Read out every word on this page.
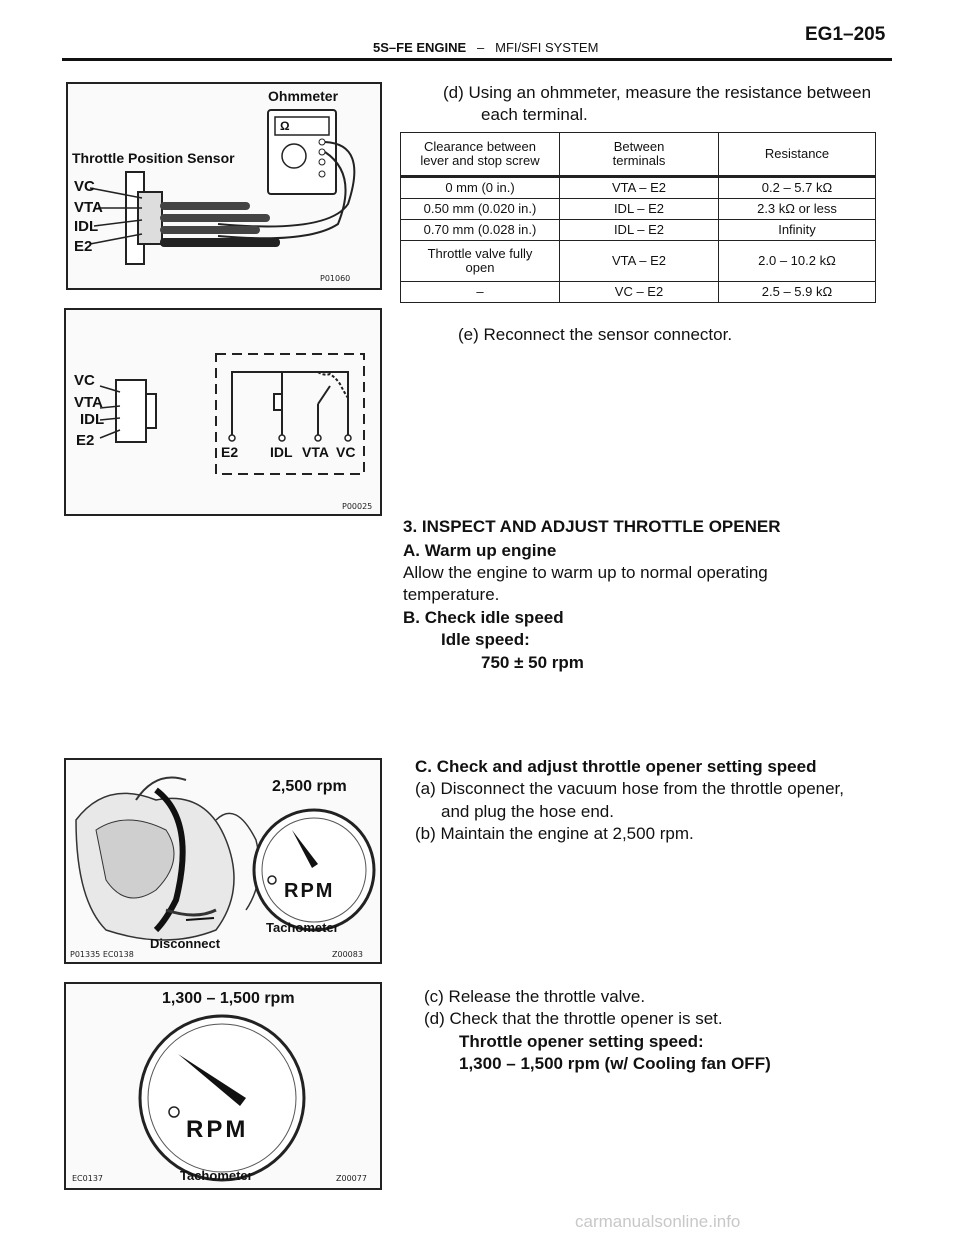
5S–FE ENGINE – MFI/SFI SYSTEM
EG1–205
Ohmmeter
Ω
Throttle Position Sensor
VC
VTA
IDL
E2
P01060
VC
VTA
IDL
E2
E2 IDL VTA VC
P00025
(d) Using an ohmmeter, measure the resistance between
each terminal.
Clearance between
lever and stop screw	Between
terminals	Resistance
0 mm (0 in.)	VTA – E2	0.2 – 5.7 kΩ
0.50 mm (0.020 in.)	IDL – E2	2.3 kΩ or less
0.70 mm (0.028 in.)	IDL – E2	Infinity
Throttle valve fully
open	VTA – E2	2.0 – 10.2 kΩ
–	VC – E2	2.5 – 5.9 kΩ
(e) Reconnect the sensor connector.
3. INSPECT AND ADJUST THROTTLE OPENER
A. Warm up engine
Allow the engine to warm up to normal operating
temperature.
B. Check idle speed
Idle speed:
750 ± 50 rpm
C. Check and adjust throttle opener setting speed
(a) Disconnect the vacuum hose from the throttle opener,
and plug the hose end.
(b) Maintain the engine at 2,500 rpm.
2,500 rpm
RPM
Tachometer
Disconnect
P01335 EC0138	Z00083
1,300 – 1,500 rpm
RPM
Tachometer
EC0137	Z00077
(c) Release the throttle valve.
(d) Check that the throttle opener is set.
Throttle opener setting speed:
1,300 – 1,500 rpm (w/ Cooling fan OFF)
carmanualsonline.info
